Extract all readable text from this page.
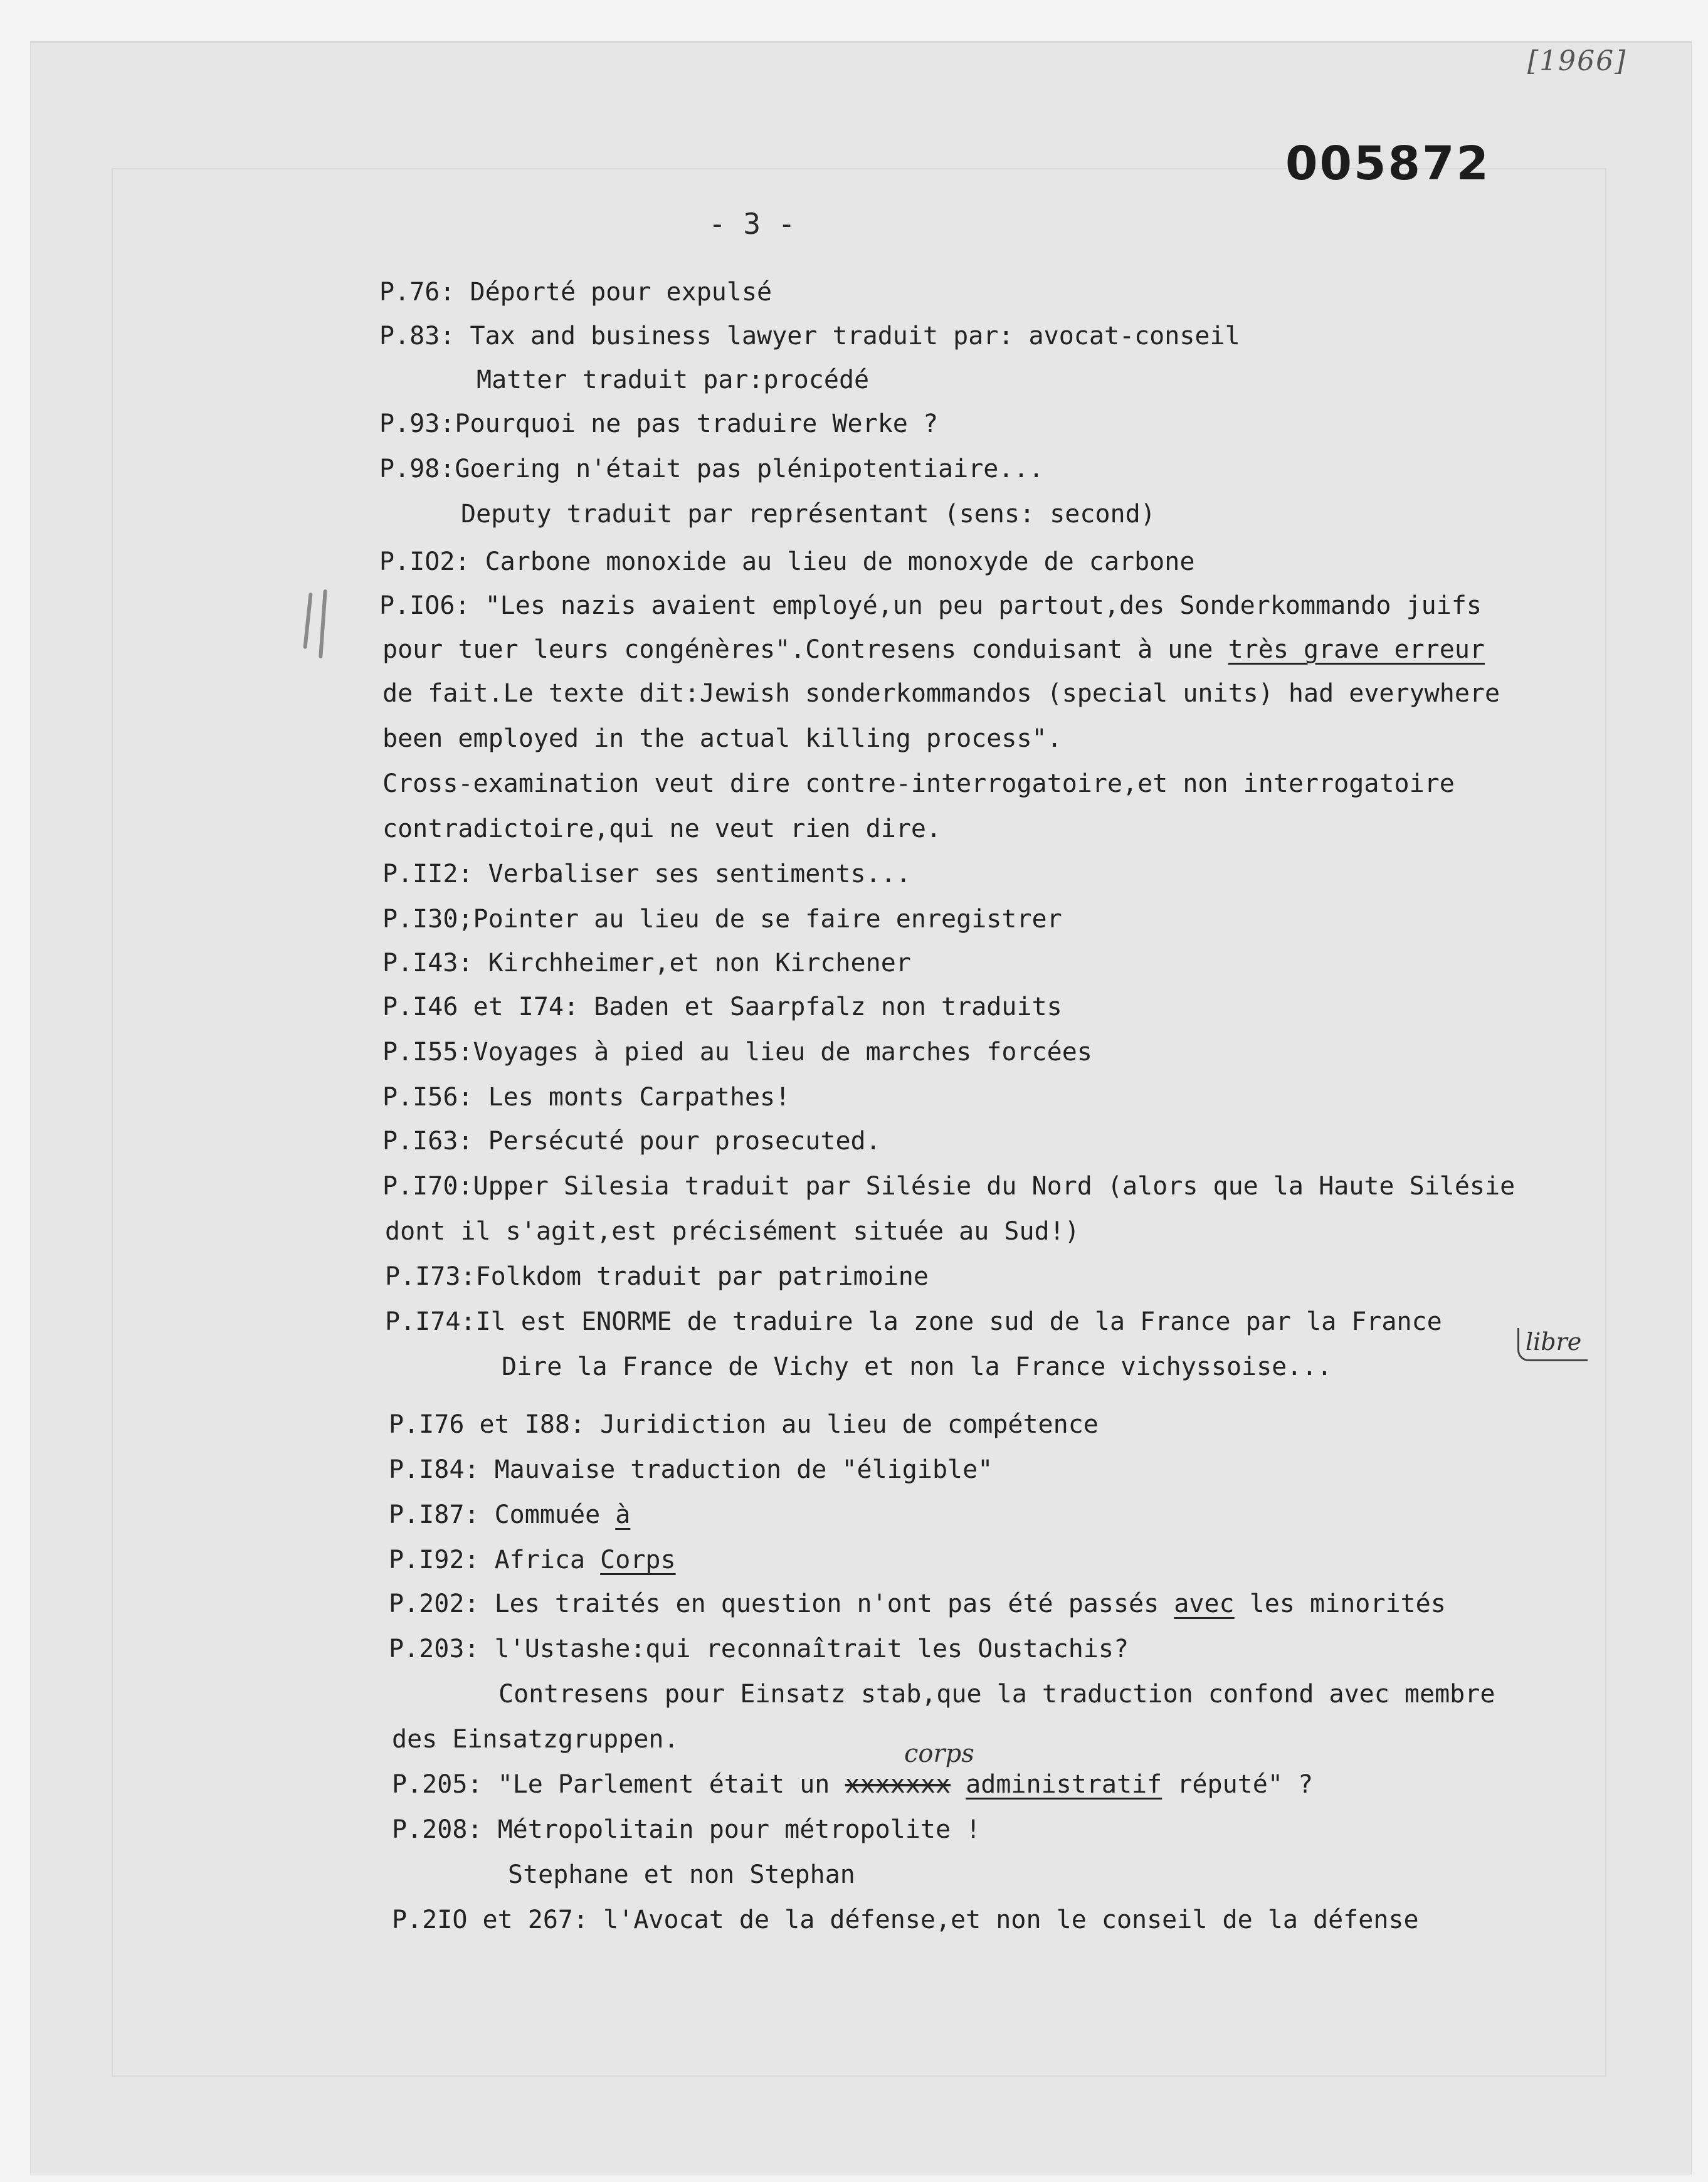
[1966]
005872
- 3 -
P.76: Déporté pour expulsé
P.83: Tax and business lawyer traduit par: avocat-conseil
Matter traduit par:procédé
P.93:Pourquoi ne pas traduire Werke ?
P.98:Goering n'était pas plénipotentiaire...
Deputy traduit par représentant (sens: second)
P.IO2: Carbone monoxide au lieu de monoxyde de carbone
P.IO6: "Les nazis avaient employé,un peu partout,des Sonderkommando juifs
pour tuer leurs congénères".Contresens conduisant à une très grave erreur
de fait.Le texte dit:Jewish sonderkommandos (special units) had everywhere
been employed in the actual killing process".
Cross-examination veut dire contre-interrogatoire,et non interrogatoire
contradictoire,qui ne veut rien dire.
P.II2: Verbaliser ses sentiments...
P.I30;Pointer au lieu de se faire enregistrer
P.I43: Kirchheimer,et non Kirchener
P.I46 et I74: Baden et Saarpfalz non traduits
P.I55:Voyages à pied au lieu de marches forcées
P.I56: Les monts Carpathes!
P.I63: Persécuté pour prosecuted.
P.I70:Upper Silesia traduit par Silésie du Nord (alors que la Haute Silésie
dont il s'agit,est précisément située au Sud!)
P.I73:Folkdom traduit par patrimoine
P.I74:Il est ENORME de traduire la zone sud de la France par la France
Dire la France de Vichy et non la France vichyssoise...
P.I76 et I88: Juridiction au lieu de compétence
P.I84: Mauvaise traduction de "éligible"
P.I87: Commuée à
P.I92: Africa Corps
P.202: Les traités en question n'ont pas été passés avec les minorités
P.203: l'Ustashe:qui reconnaîtrait les Oustachis?
Contresens pour Einsatz stab,que la traduction confond avec membre
des Einsatzgruppen.	corps
P.205: "Le Parlement était un xxxxxxx administratif réputé" ?
P.208: Métropolitain pour métropolite !
Stephane et non Stephan
P.2IO et 267: l'Avocat de la défense,et non le conseil de la défense
libre
